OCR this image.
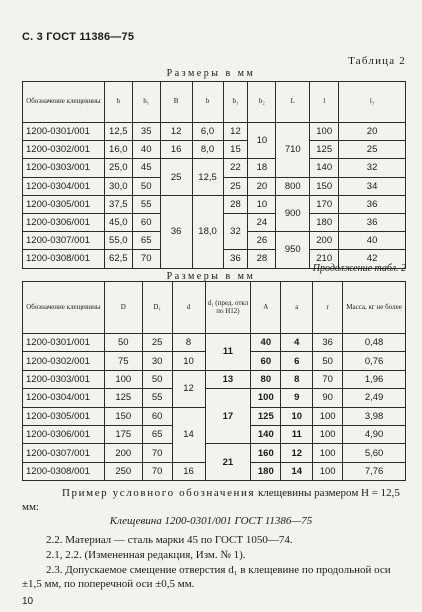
С. 3 ГОСТ 11386—75
Таблица 2
Размеры в мм
Обозначение клещевины	h	h₁	B	b	b₁	b₂	L	l	l₁
1200-0301/001	12,5	35	12	6,0	12	10	710	100	20
1200-0302/001	16,0	40	16	8,0	15			125	25
1200-0303/001	25,0	45	25	12,5	22	18		140	32
1200-0304/001	30,0	50			25	20	800	150	34
1200-0305/001	37,5	55	36	18,0	28	10	900	170	36
1200-0306/001	45,0	60			32	24		180	36
1200-0307/001	55,0	65				26	950	200	40
1200-0308/001	62,5	70			36	28		210	42
Продолжение табл. 2
Размеры в мм
Обозначение клещевины	D	D₁	d	d₁ (пред. откл по H12)	A	a	r	Масса, кг не более
1200-0301/001	50	25	8	11	40	4	36	0,48
1200-0302/001	75	30	10		60	6	50	0,76
1200-0303/001	100	50	12	13	80	8	70	1,96
1200-0304/001	125	55		17	100	9	90	2,49
1200-0305/001	150	60	14		125	10	100	3,98
1200-0306/001	175	65			140	11	100	4,90
1200-0307/001	200	70		21	160	12	100	5,60
1200-0308/001	250	70	16		180	14	100	7,76
Пример условного обозначения клещевины размером H = 12,5 мм:
Клещевина 1200-0301/001 ГОСТ 11386—75
2.2. Материал — сталь марки 45 по ГОСТ 1050—74.
2.1, 2.2. (Измененная редакция, Изм. № 1).
2.3. Допускаемое смещение отверстия d₁ в клещевине по продольной оси ±1,5 мм, по поперечной оси ±0,5 мм.
10
